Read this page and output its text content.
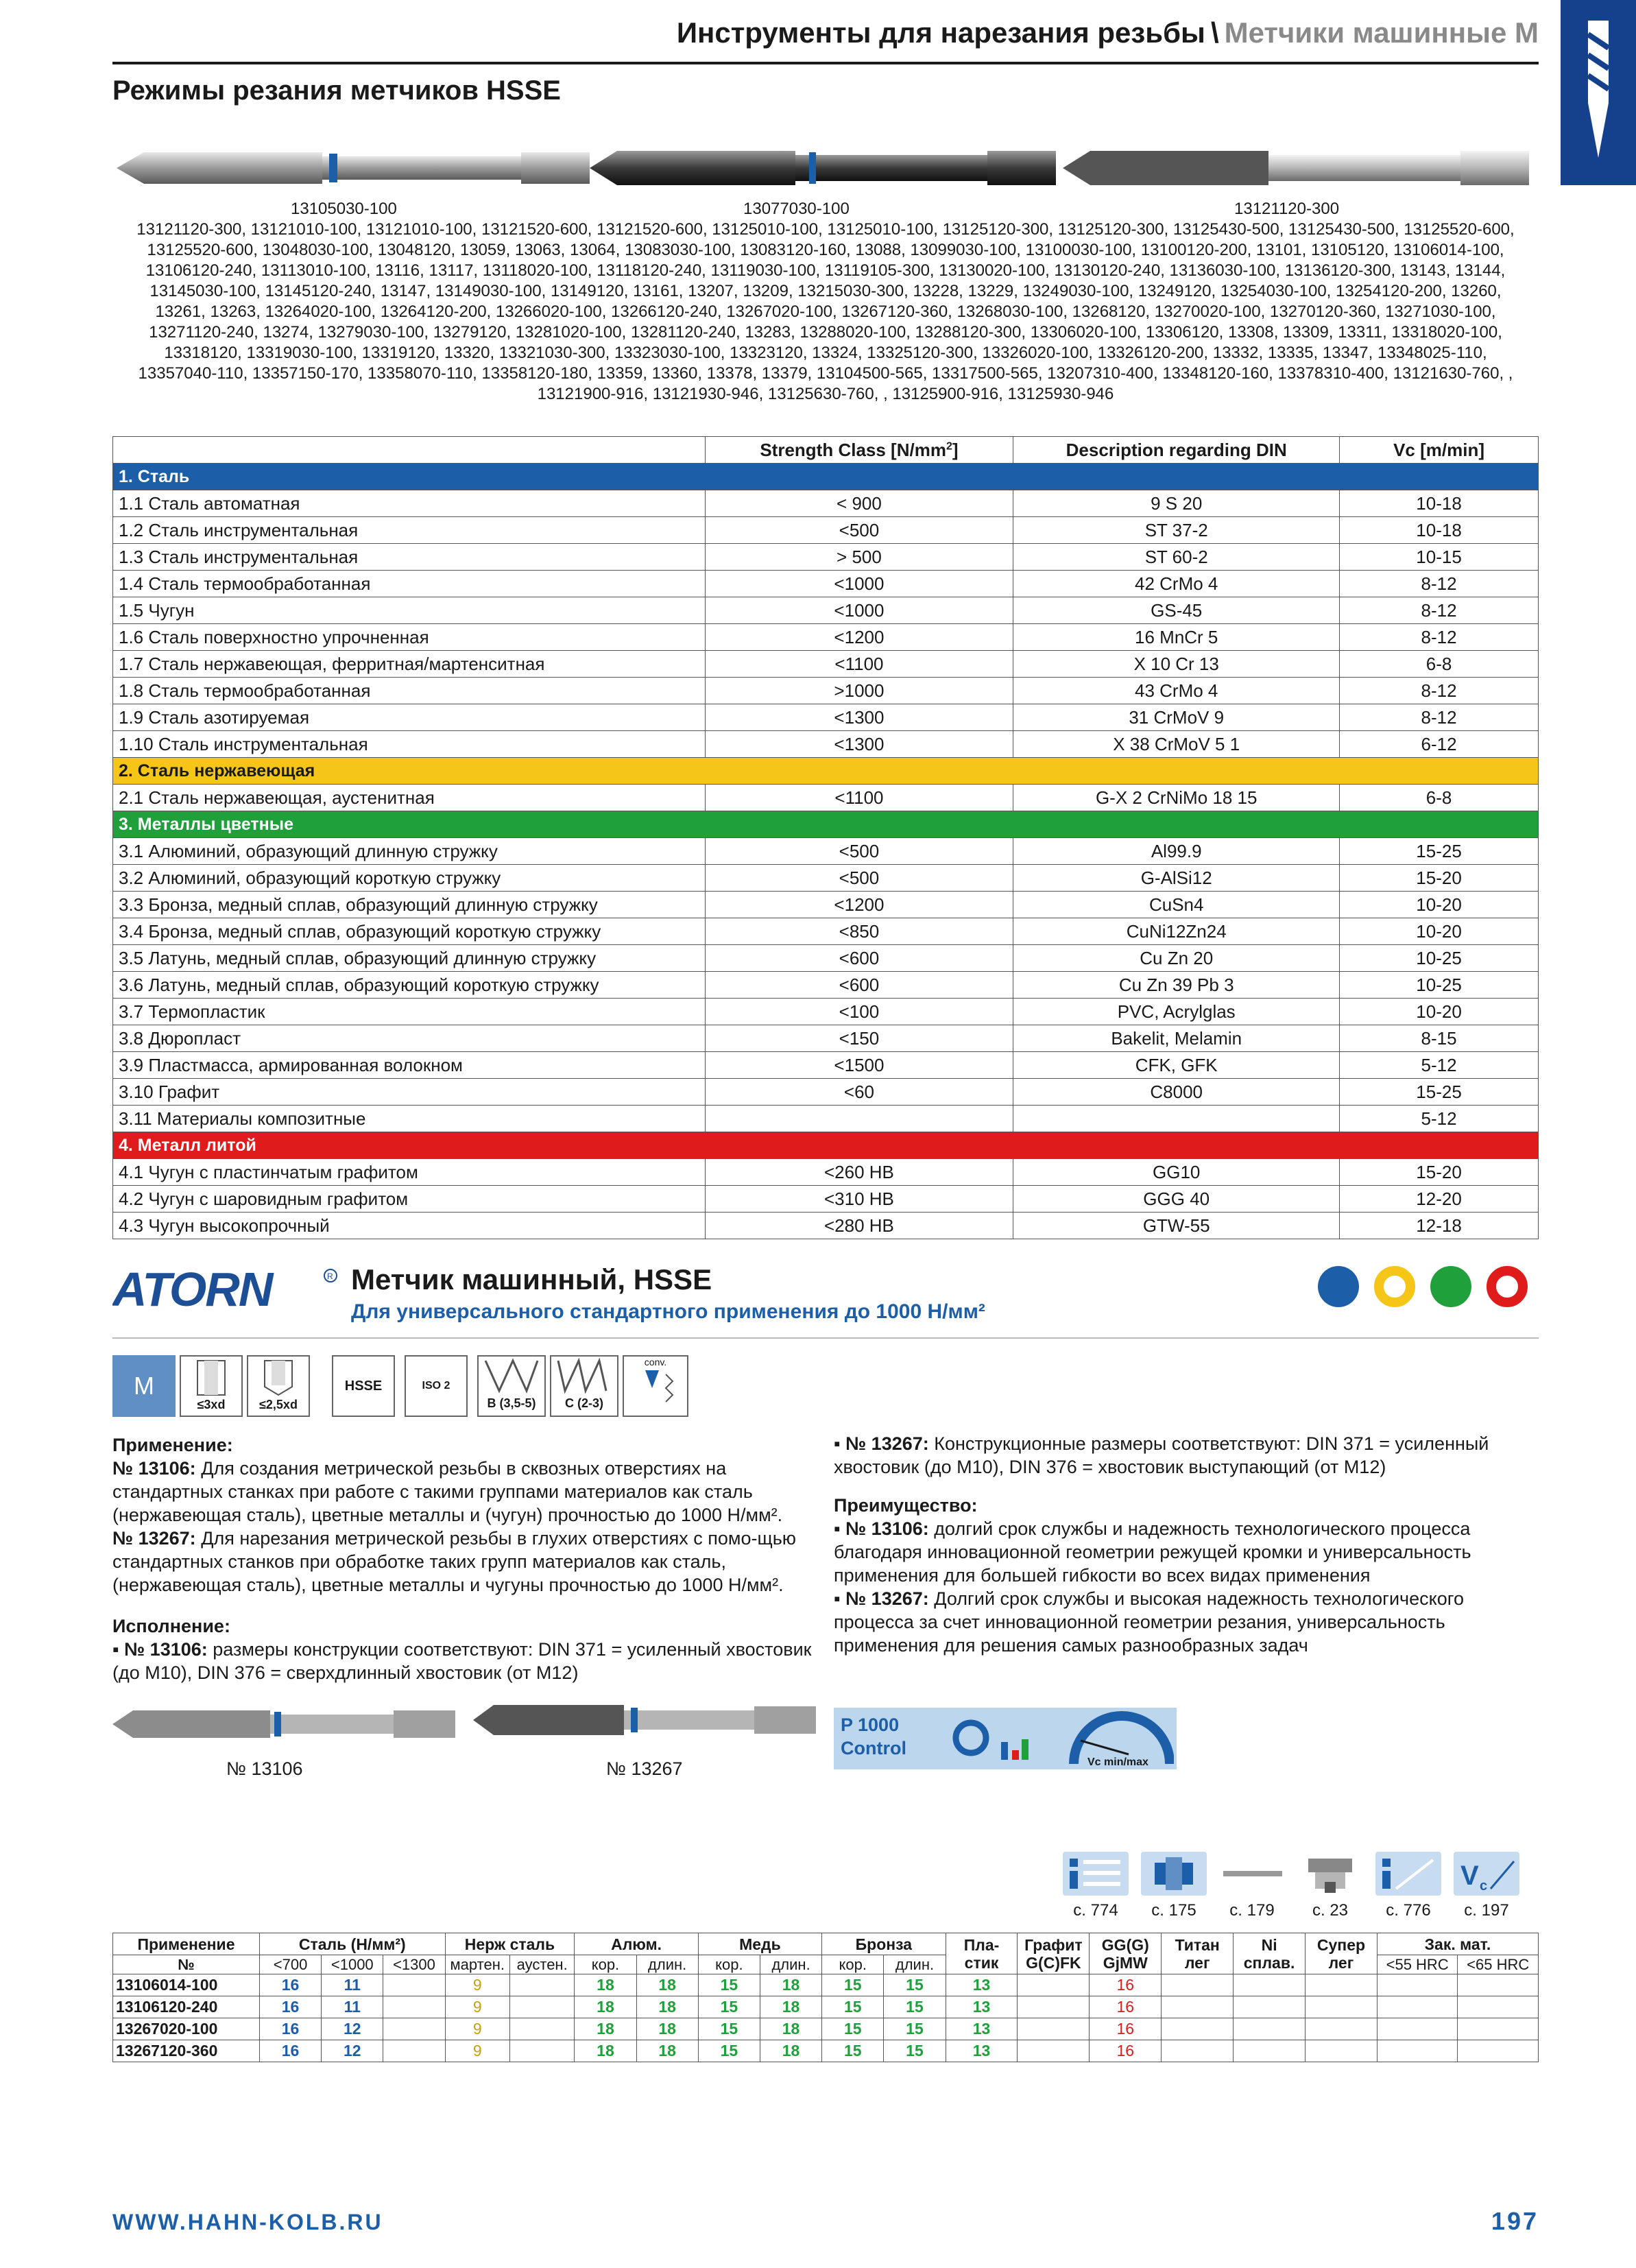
Инструменты для нарезания резьбы \ Метчики машинные М
Режимы резания метчиков HSSE
13105030-100	13077030-100	13121120-300
13121120-300, 13121010-100, 13121010-100, 13121520-600, 13121520-600, 13125010-100, 13125010-100, 13125120-300, 13125120-300, 13125430-500, 13125430-500, 13125520-600, 13125520-600, 13048030-100, 13048120, 13059, 13063, 13064, 13083030-100, 13083120-160, 13088, 13099030-100, 13100030-100, 13100120-200, 13101, 13105120, 13106014-100, 13106120-240, 13113010-100, 13116, 13117, 13118020-100, 13118120-240, 13119030-100, 13119105-300, 13130020-100, 13130120-240, 13136030-100, 13136120-300, 13143, 13144, 13145030-100, 13145120-240, 13147, 13149030-100, 13149120, 13161, 13207, 13209, 13215030-300, 13228, 13229, 13249030-100, 13249120, 13254030-100, 13254120-200, 13260, 13261, 13263, 13264020-100, 13264120-200, 13266020-100, 13266120-240, 13267020-100, 13267120-360, 13268030-100, 13268120, 13270020-100, 13270120-360, 13271030-100, 13271120-240, 13274, 13279030-100, 13279120, 13281020-100, 13281120-240, 13283, 13288020-100, 13288120-300, 13306020-100, 13306120, 13308, 13309, 13311, 13318020-100, 13318120, 13319030-100, 13319120, 13320, 13321030-300, 13323030-100, 13323120, 13324, 13325120-300, 13326020-100, 13326120-200, 13332, 13335, 13347, 13348025-110, 13357040-110, 13357150-170, 13358070-110, 13358120-180, 13359, 13360, 13378, 13379, 13104500-565, 13317500-565, 13207310-400, 13348120-160, 13378310-400, 13121630-760, , 13121900-916, 13121930-946, 13125630-760, , 13125900-916, 13125930-946
	Strength Class $[N/mm^2]$	Description regarding DIN	Vc [m/min]
1. Сталь			
1.1 Сталь автоматная	< 900	9 S 20	10-18
1.2 Сталь инструментальная	<500	ST 37-2	10-18
1.3 Сталь инструментальная	> 500	ST 60-2	10-15
1.4 Сталь термообработанная	<1000	42 CrMo 4	8-12
1.5 Чугун	<1000	GS-45	8-12
1.6 Сталь поверхностно упрочненная	<1200	16 MnCr 5	8-12
1.7 Сталь нержавеющая, ферритная/мартенситная	<1100	X 10 Cr 13	6-8
1.8 Сталь термообработанная	>1000	43 CrMo 4	8-12
1.9 Сталь азотируемая	<1300	31 CrMoV 9	8-12
1.10 Сталь инструментальная	<1300	X 38 CrMoV 5 1	6-12
2. Сталь нержавеющая			
2.1 Сталь нержавеющая, аустенитная	<1100	G-X 2 CrNiMo 18 15	6-8
3. Металлы цветные			
3.1 Алюминий, образующий длинную стружку	<500	Al99.9	15-25
3.2 Алюминий, образующий короткую стружку	<500	G-AlSi12	15-20
3.3 Бронза, медный сплав, образующий длинную стружку	<1200	CuSn4	10-20
3.4 Бронза, медный сплав, образующий короткую стружку	<850	CuNi12Zn24	10-20
3.5 Латунь, медный сплав, образующий длинную стружку	<600	Cu Zn 20	10-25
3.6 Латунь, медный сплав, образующий короткую стружку	<600	Cu Zn 39 Pb 3	10-25
3.7 Термопластик	<100	PVC, Acrylglas	10-20
3.8 Дюропласт	<150	Bakelit, Melamin	8-15
3.9 Пластмасса, армированная волокном	<1500	CFK, GFK	5-12
3.10 Графит	<60	C8000	15-25
3.11 Материалы композитные			5-12
4. Металл литой			
4.1 Чугун с пластинчатым графитом	<260 HB	GG10	15-20
4.2 Чугун с шаровидным графитом	<310 HB	GGG 40	12-20
4.3 Чугун высокопрочный	<280 HB	GTW-55	12-18
ATORN	R Метчик машинный, HSSE
Для универсального стандартного применения до 1000 Н/мм²
M
≤3xd	≤2,5xd
HSSE	ISO 2
B (3,5-5)	C (2-3)
conv.
Применение:
№ 13106: Для создания метрической резьбы в сквозных отверстиях на стандартных станках при работе с такими группами материалов как сталь (нержавеющая сталь), цветные металлы и (чугун) прочностью до 1000 Н/мм².
№ 13267: Для нарезания метрической резьбы в глухих отверстиях с помо-щью стандартных станков при обработке таких групп материалов как сталь, (нержавеющая сталь), цветные металлы и чугуны прочностью до 1000 Н/мм².
Исполнение:
▪ № 13106: размеры конструкции соответствуют: DIN 371 = усиленный хвостовик (до М10), DIN 376 = сверхдлинный хвостовик (от М12)
▪ № 13267: Конструкционные размеры соответствуют: DIN 371 = усиленный хвостовик (до М10), DIN 376 = хвостовик выступающий (от М12)
Преимущество:
▪ № 13106: долгий срок службы и надежность технологического процесса благодаря инновационной геометрии режущей кромки и универсальность применения для большей гибкости во всех видах применения
▪ № 13267: Долгий срок службы и высокая надежность технологического процесса за счет инновационной геометрии резания, универсальность применения для решения самых разнообразных задач
№ 13106	№ 13267
P 1000
Control
Vc min/max
V c
с. 774	с. 175	с. 179	с. 23	с. 776	с. 197
Применение	Сталь (Н/мм²)			Нерж сталь		Алюм.		Медь		Бронза		Пла-стик	Графит G(C)FK	GG(G) GjMW	Титан лег	Ni сплав.	Супер лег	Зак. мат.	
№	<700	<1000	<1300	мартен.	аустен.	кор.	длин.	кор.	длин.	кор.	длин.							<55 HRC	<65 HRC
13106014-100	16	11		9		18	18	15	18	15	15	13		16					
13106120-240	16	11		9		18	18	15	18	15	15	13		16					
13267020-100	16	12		9		18	18	15	18	15	15	13		16					
13267120-360	16	12		9		18	18	15	18	15	15	13		16					
WWW.HAHN-KOLB.RU	197
